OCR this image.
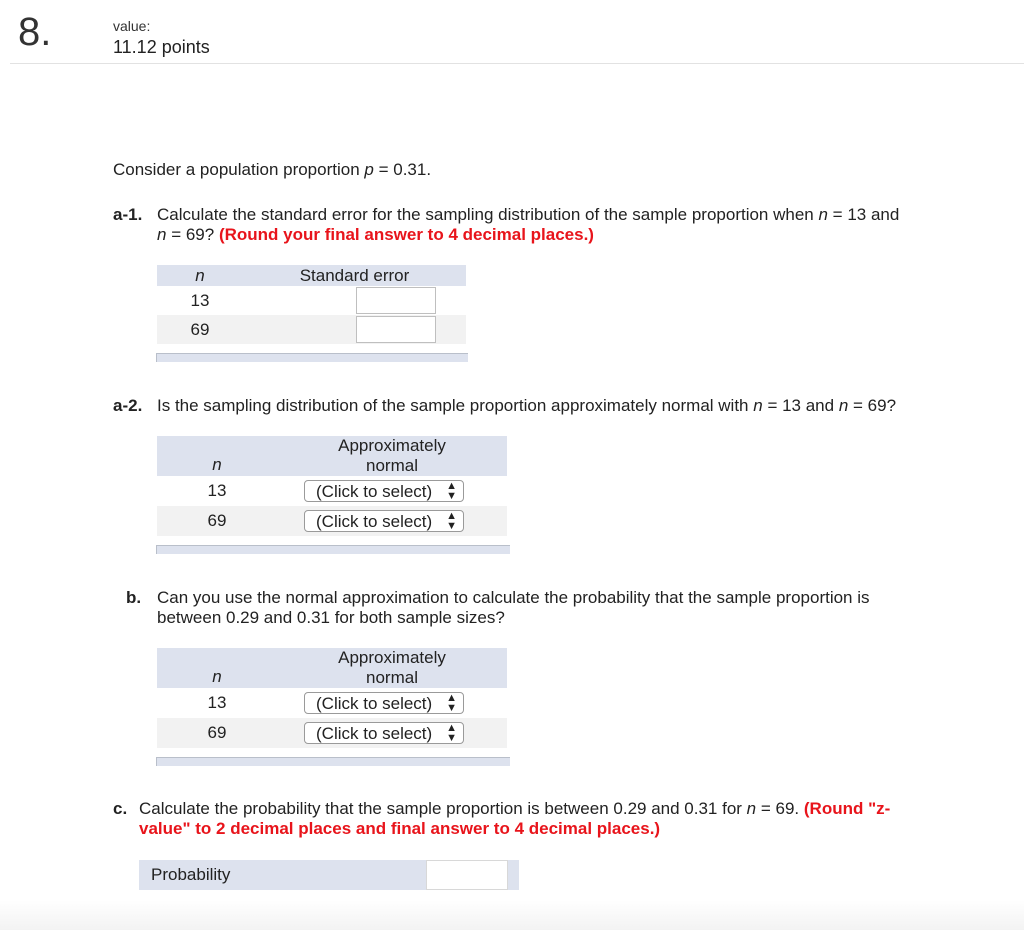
8.	value:
11.12 points
Consider a population proportion p = 0.31.
a-1. Calculate the standard error for the sampling distribution of the sample proportion when n = 13 and
n = 69? (Round your final answer to 4 decimal places.)
n	Standard error
13	
69	
a-2. Is the sampling distribution of the sample proportion approximately normal with n = 13 and n = 69?
n	Approximately
normal
13	(Click to select) ▲
▼

69	(Click to select) ▲
▼
b. Can you use the normal approximation to calculate the probability that the sample proportion is
between 0.29 and 0.31 for both sample sizes?
n	Approximately
normal
13	(Click to select) ▲
▼

69	(Click to select) ▲
▼
c. Calculate the probability that the sample proportion is between 0.29 and 0.31 for n = 69. (Round "z-
value" to 2 decimal places and final answer to 4 decimal places.)
Probability
